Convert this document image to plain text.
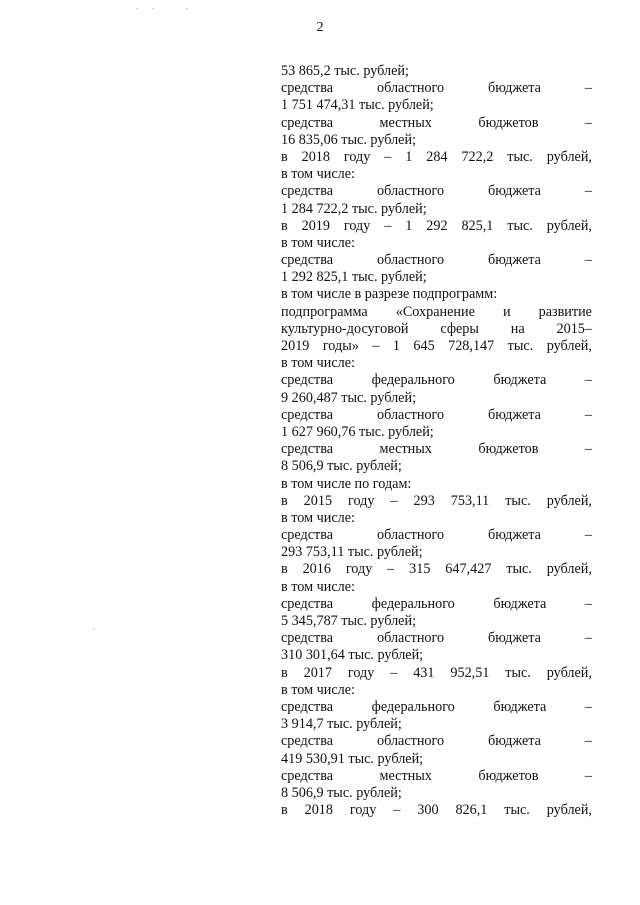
2
53 865,2 тыс. рублей;
средства	областного	бюджета	–
1 751 474,31 тыс. рублей;
средства	местных	бюджетов	–
16 835,06 тыс. рублей;
в 2018 году – 1 284 722,2 тыс. рублей,
в том числе:
средства	областного	бюджета	–
1 284 722,2 тыс. рублей;
в 2019 году – 1 292 825,1 тыс. рублей,
в том числе:
средства	областного	бюджета	–
1 292 825,1 тыс. рублей;
в том числе в разрезе подпрограмм:
подпрограмма «Сохранение и развитие
культурно-досуговой сферы на 2015–
2019 годы» – 1 645 728,147 тыс. рублей,
в том числе:
средства	федерального	бюджета	–
9 260,487 тыс. рублей;
средства	областного	бюджета	–
1 627 960,76 тыс. рублей;
средства	местных	бюджетов	–
8 506,9 тыс. рублей;
в том числе по годам:
в 2015 году – 293 753,11 тыс. рублей,
в том числе:
средства	областного	бюджета	–
293 753,11 тыс. рублей;
в 2016 году – 315 647,427 тыс. рублей,
в том числе:
средства	федерального	бюджета	–
5 345,787 тыс. рублей;
средства	областного	бюджета	–
310 301,64 тыс. рублей;
в 2017 году – 431 952,51 тыс. рублей,
в том числе:
средства	федерального	бюджета	–
3 914,7 тыс. рублей;
средства	областного	бюджета	–
419 530,91 тыс. рублей;
средства	местных	бюджетов	–
8 506,9 тыс. рублей;
в 2018 году – 300 826,1 тыс. рублей,
